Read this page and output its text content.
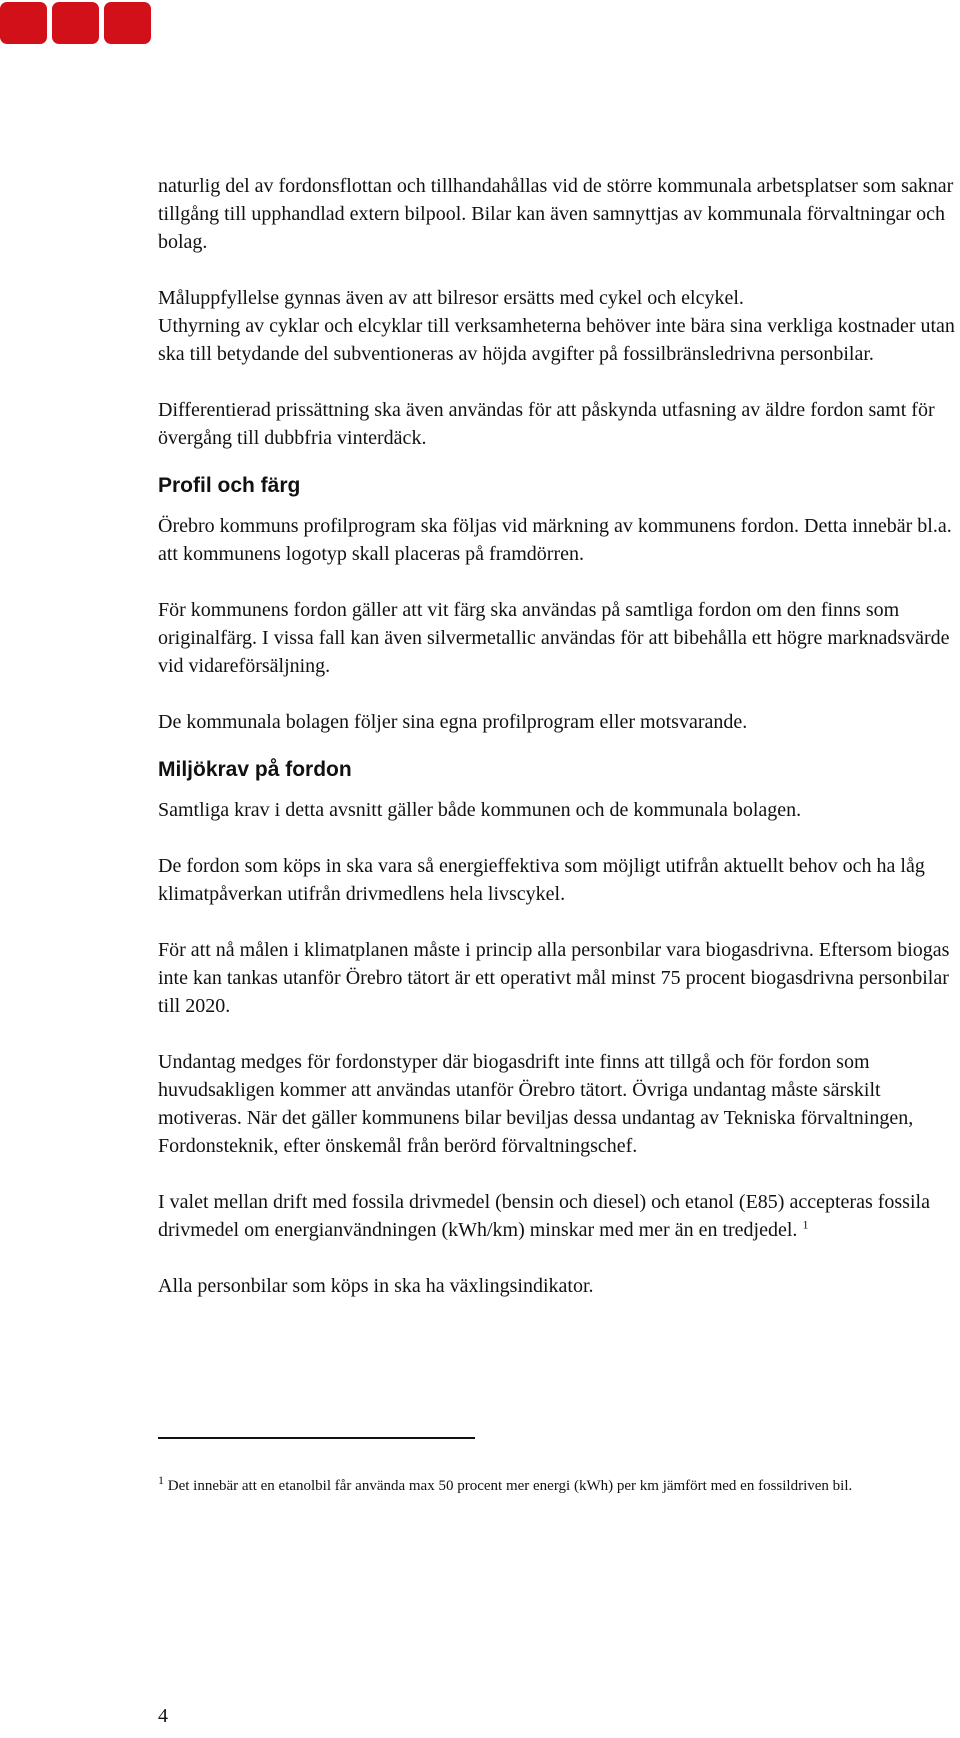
naturlig del av fordonsflottan och tillhandahållas vid de större kommunala arbetsplatser som saknar tillgång till upphandlad extern bilpool. Bilar kan även samnyttjas av kommunala förvaltningar och bolag.

Måluppfyllelse gynnas även av att bilresor ersätts med cykel och elcykel.

Uthyrning av cyklar och elcyklar till verksamheterna behöver inte bära sina verkliga kostnader utan ska till betydande del subventioneras av höjda avgifter på fossilbränsledrivna personbilar.

Differentierad prissättning ska även användas för att påskynda utfasning av äldre fordon samt för övergång till dubbfria vinterdäck.

Profil och färg

Örebro kommuns profilprogram ska följas vid märkning av kommunens fordon. Detta innebär bl.a. att kommunens logotyp skall placeras på framdörren.

För kommunens fordon gäller att vit färg ska användas på samtliga fordon om den finns som originalfärg. I vissa fall kan även silvermetallic användas för att bibehålla ett högre marknadsvärde vid vidareförsäljning.

De kommunala bolagen följer sina egna profilprogram eller motsvarande.

Miljökrav på fordon

Samtliga krav i detta avsnitt gäller både kommunen och de kommunala bolagen.

De fordon som köps in ska vara så energieffektiva som möjligt utifrån aktuellt behov och ha låg klimatpåverkan utifrån drivmedlens hela livscykel.

För att nå målen i klimatplanen måste i princip alla personbilar vara biogasdrivna. Eftersom biogas inte kan tankas utanför Örebro tätort är ett operativt mål minst 75 procent biogasdrivna personbilar till 2020.

Undantag medges för fordonstyper där biogasdrift inte finns att tillgå och för fordon som huvudsakligen kommer att användas utanför Örebro tätort. Övriga undantag måste särskilt motiveras. När det gäller kommunens bilar beviljas dessa undantag av Tekniska förvaltningen, Fordonsteknik, efter önskemål från berörd förvaltningschef.

I valet mellan drift med fossila drivmedel (bensin och diesel) och etanol (E85) accepteras fossila drivmedel om energianvändningen (kWh/km) minskar med mer än en tredjedel. $^1$

Alla personbilar som köps in ska ha växlingsindikator.

$^1$ Det innebär att en etanolbil får använda max 50 procent mer energi (kWh) per km jämfört med en fossildriven bil.
4
